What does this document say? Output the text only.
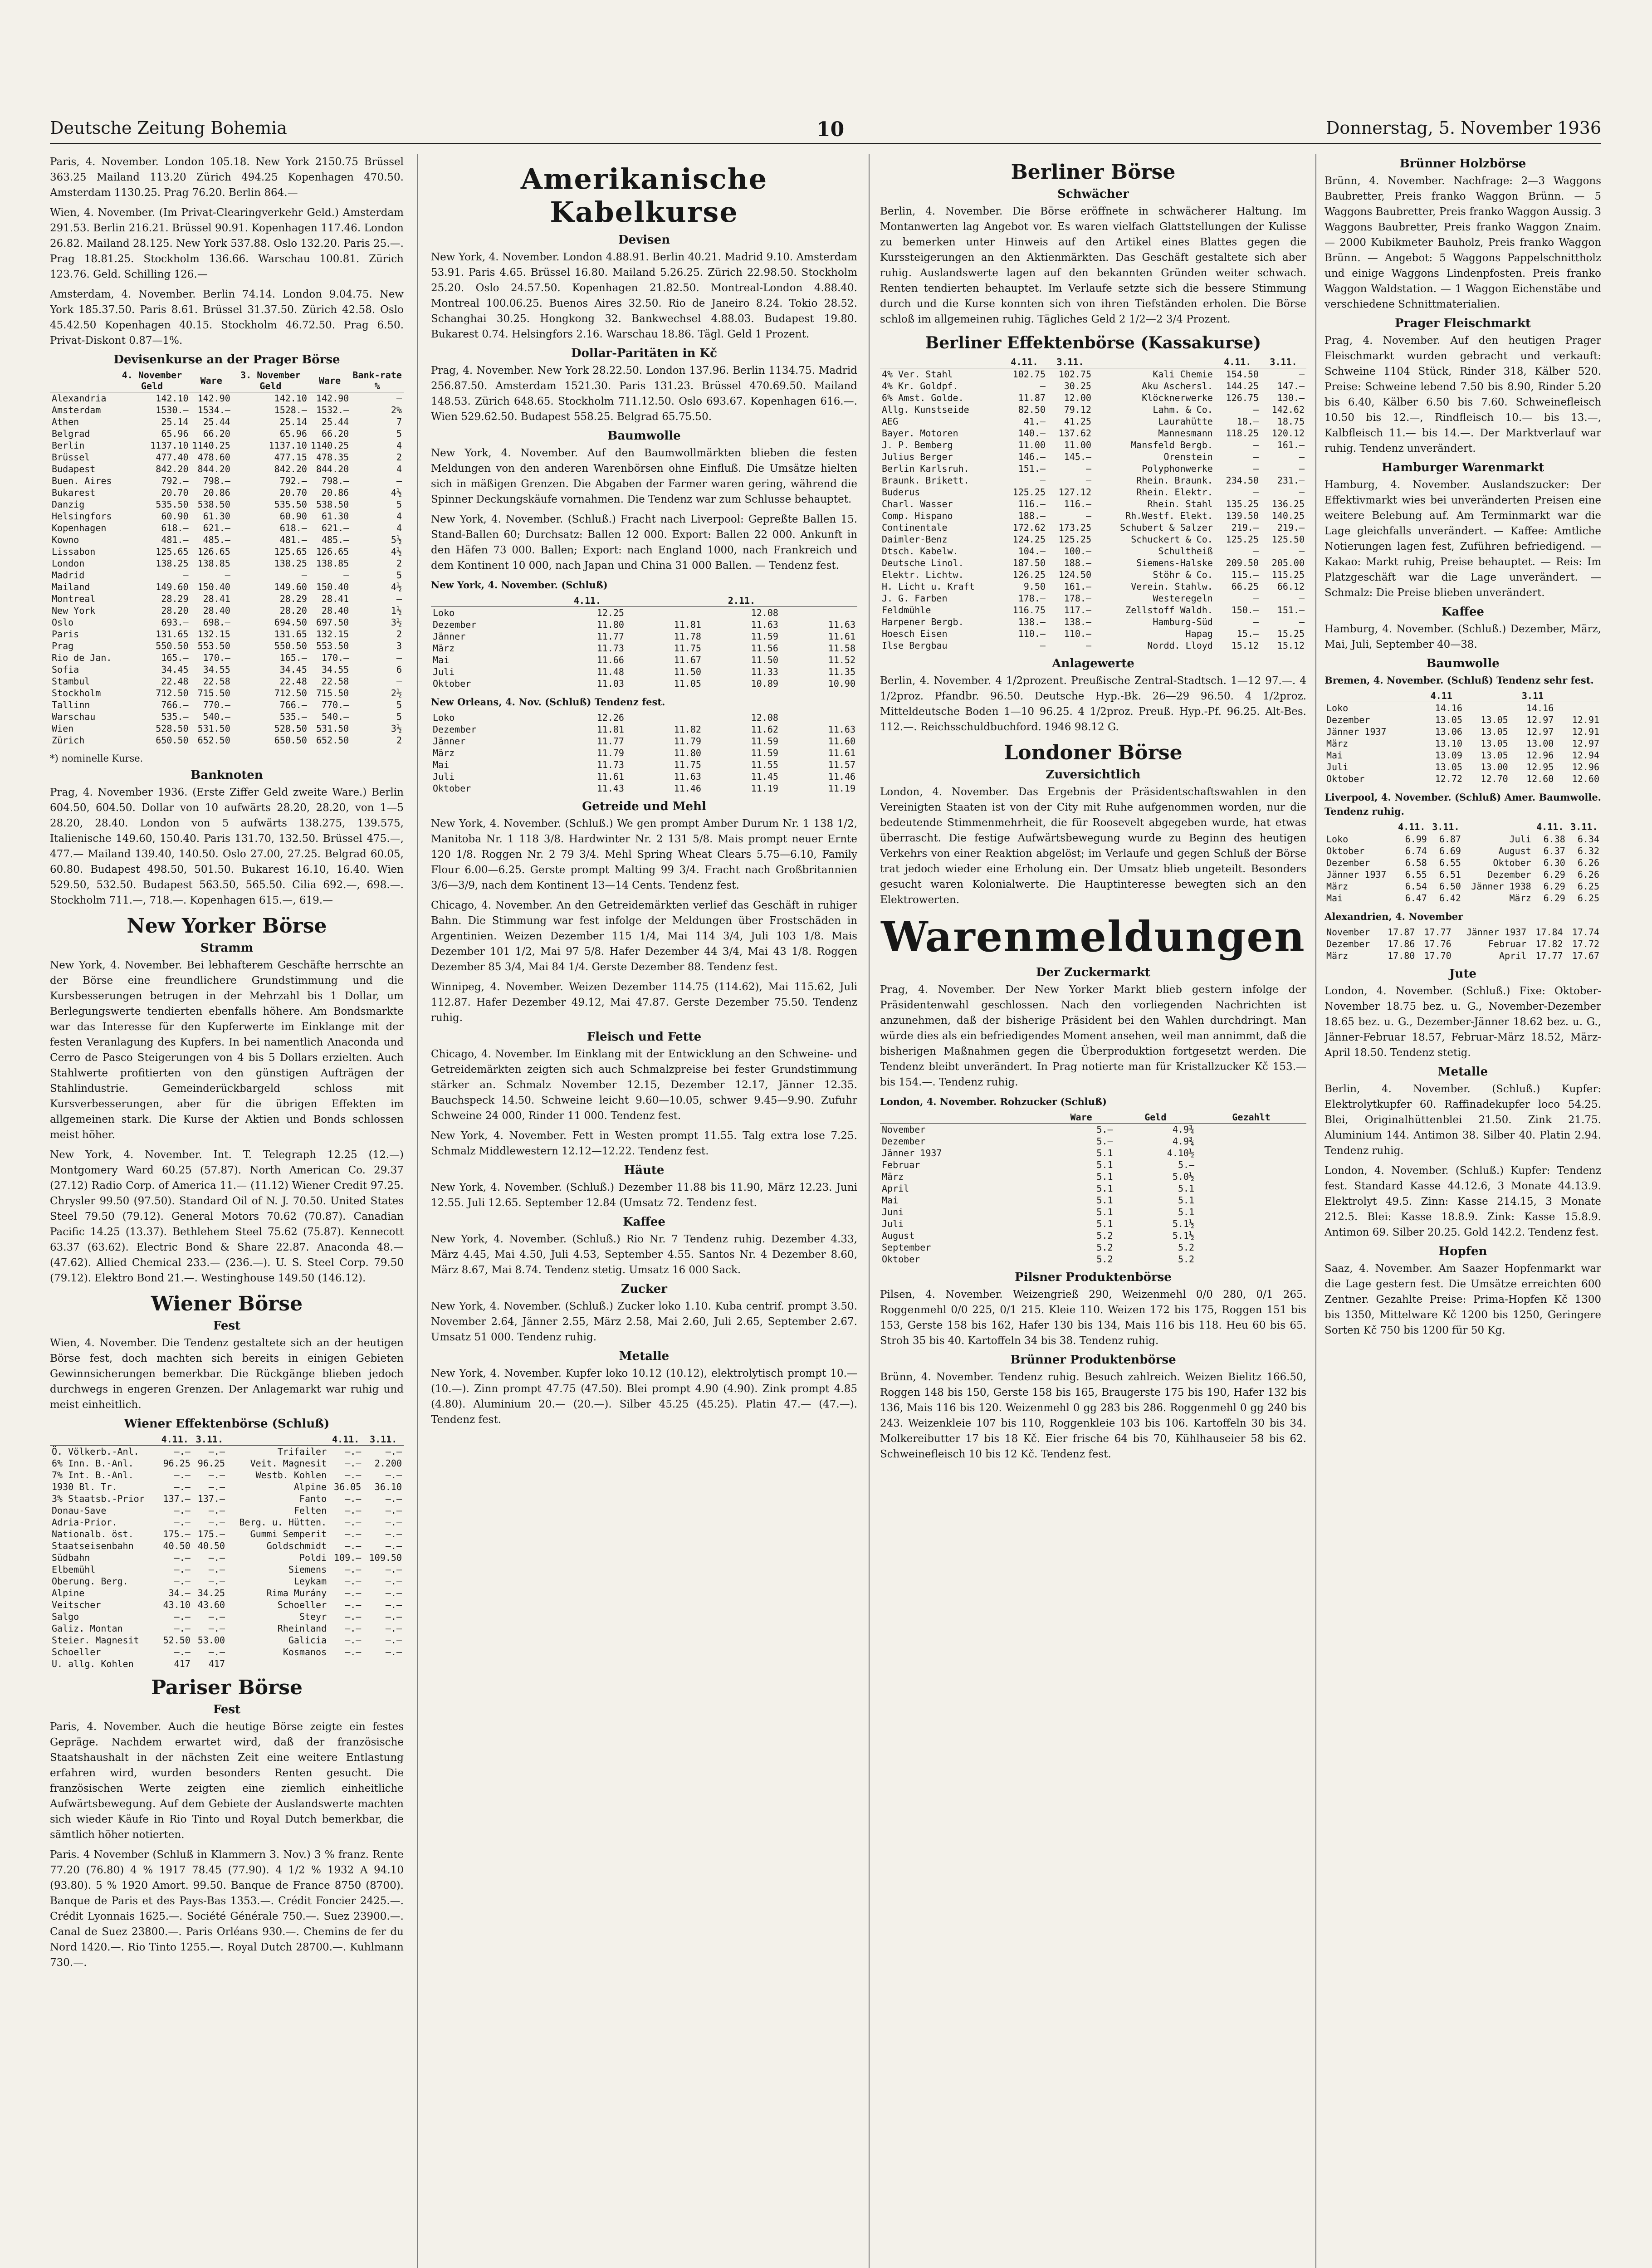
Deutsche Zeitung Bohemia	10	Donnerstag, 5. November 1936

Paris, 4. November. London 105.18. New York 2150.75 Brüssel 363.25 Mailand 113.20 Zürich 494.25 Kopenhagen 470.50. Amsterdam 1130.25. Prag 76.20. Berlin 864.—

Wien, 4. November. (Im Privat-Clearingverkehr Geld.) Amsterdam 291.53. Berlin 216.21. Brüssel 90.91. Kopenhagen 117.46. London 26.82. Mailand 28.125. New York 537.88. Oslo 132.20. Paris 25.—. Prag 18.81.25. Stockholm 136.66. Warschau 100.81. Zürich 123.76. Geld. Schilling 126.—

Amsterdam, 4. November. Berlin 74.14. London 9.04.75. New York 185.37.50. Paris 8.61. Brüssel 31.37.50. Zürich 42.58. Oslo 45.42.50 Kopenhagen 40.15. Stockholm 46.72.50. Prag 6.50. Privat-Diskont 0.87—1%.

Devisenkurse an der Prager Börse
	4. November Geld	Ware	3. November Geld	Ware	Bank-rate %
Alexandria	142.10	142.90	142.10	142.90	—
Amsterdam	1530.—	1534.—	1528.—	1532.—	2%
Athen	25.14	25.44	25.14	25.44	7
Belgrad	65.96	66.20	65.96	66.20	5
Berlin	1137.10	1140.25	1137.10	1140.25	4
Brüssel	477.40	478.60	477.15	478.35	2
Budapest	842.20	844.20	842.20	844.20	4
Buen. Aires	792.—	798.—	792.—	798.—	—
Bukarest	20.70	20.86	20.70	20.86	4½
Danzig	535.50	538.50	535.50	538.50	5
Helsingfors	60.90	61.30	60.90	61.30	4
Kopenhagen	618.—	621.—	618.—	621.—	4
Kowno	481.—	485.—	481.—	485.—	5½
Lissabon	125.65	126.65	125.65	126.65	4½
London	138.25	138.85	138.25	138.85	2
Madrid	—	—	—	—	5
Mailand	149.60	150.40	149.60	150.40	4½
Montreal	28.29	28.41	28.29	28.41	—
New York	28.20	28.40	28.20	28.40	1½
Oslo	693.—	698.—	694.50	697.50	3½
Paris	131.65	132.15	131.65	132.15	2
Prag	550.50	553.50	550.50	553.50	3
Rio de Jan.	165.—	170.—	165.—	170.—	—
Sofia	34.45	34.55	34.45	34.55	6
Stambul	22.48	22.58	22.48	22.58	—
Stockholm	712.50	715.50	712.50	715.50	2½
Tallinn	766.—	770.—	766.—	770.—	5
Warschau	535.—	540.—	535.—	540.—	5
Wien	528.50	531.50	528.50	531.50	3½
Zürich	650.50	652.50	650.50	652.50	2
*) nominelle Kurse.
Banknoten

Prag, 4. November 1936. (Erste Ziffer Geld zweite Ware.) Berlin 604.50, 604.50. Dollar von 10 aufwärts 28.20, 28.20, von 1—5 28.20, 28.40. London von 5 aufwärts 138.275, 139.575, Italienische 149.60, 150.40. Paris 131.70, 132.50. Brüssel 475.—, 477.— Mailand 139.40, 140.50. Oslo 27.00, 27.25. Belgrad 60.05, 60.80. Budapest 498.50, 501.50. Bukarest 16.10, 16.40. Wien 529.50, 532.50. Budapest 563.50, 565.50. Cilia 692.—, 698.—. Stockholm 711.—, 718.—. Kopenhagen 615.—, 619.—

New Yorker Börse
Stramm

New York, 4. November. Bei lebhafterem Geschäfte herrschte an der Börse eine freundlichere Grundstimmung und die Kursbesserungen betrugen in der Mehrzahl bis 1 Dollar, um Berlegungswerte tendierten ebenfalls höhere. Am Bondsmarkte war das Interesse für den Kupferwerte im Einklange mit der festen Veranlagung des Kupfers. In bei namentlich Anaconda und Cerro de Pasco Steigerungen von 4 bis 5 Dollars erzielten. Auch Stahlwerte profitierten von den günstigen Aufträgen der Stahlindustrie. Gemeinderückbargeld schloss mit Kursverbesserungen, aber für die übrigen Effekten im allgemeinen stark. Die Kurse der Aktien und Bonds schlossen meist höher.

New York, 4. November. Int. T. Telegraph 12.25 (12.—) Montgomery Ward 60.25 (57.87). North American Co. 29.37 (27.12) Radio Corp. of America 11.— (11.12) Wiener Credit 97.25. Chrysler 99.50 (97.50). Standard Oil of N. J. 70.50. United States Steel 79.50 (79.12). General Motors 70.62 (70.87). Canadian Pacific 14.25 (13.37). Bethlehem Steel 75.62 (75.87). Kennecott 63.37 (63.62). Electric Bond & Share 22.87. Anaconda 48.— (47.62). Allied Chemical 233.— (236.—). U. S. Steel Corp. 79.50 (79.12). Elektro Bond 21.—. Westinghouse 149.50 (146.12).

Wiener Börse
Fest

Wien, 4. November. Die Tendenz gestaltete sich an der heutigen Börse fest, doch machten sich bereits in einigen Gebieten Gewinnsicherungen bemerkbar. Die Rückgänge blieben jedoch durchwegs in engeren Grenzen. Der Anlagemarkt war ruhig und meist einheitlich.

Wiener Effektenbörse (Schluß)
	4.11.	3.11.		4.11.	3.11.
Ö. Völkerb.-Anl.	—.—	—.—	Trifailer	—.—	—.—
6% Inn. B.-Anl.	96.25	96.25	Veit. Magnesit	—.—	2.200
7% Int. B.-Anl.	—.—	—.—	Westb. Kohlen	—.—	—.—
1930 Bl. Tr.	—.—	—.—	Alpine	36.05	36.10
3% Staatsb.-Prior	137.—	137.—	Fanto	—.—	—.—
Donau-Save	—.—	—.—	Felten	—.—	—.—
Adria-Prior.	—.—	—.—	Berg. u. Hütten.	—.—	—.—
Nationalb. öst.	175.—	175.—	Gummi Semperit	—.—	—.—
Staatseisenbahn	40.50	40.50	Goldschmidt	—.—	—.—
Südbahn	—.—	—.—	Poldi	109.—	109.50
Elbemühl	—.—	—.—	Siemens	—.—	—.—
Oberung. Berg.	—.—	—.—	Leykam	—.—	—.—
Alpine	34.—	34.25	Rima Murány	—.—	—.—
Veitscher	43.10	43.60	Schoeller	—.—	—.—
Salgo	—.—	—.—	Steyr	—.—	—.—
Galiz. Montan	—.—	—.—	Rheinland	—.—	—.—
Steier. Magnesit	52.50	53.00	Galicia	—.—	—.—
Schoeller	—.—	—.—	Kosmanos	—.—	—.—
U. allg. Kohlen	417	417			
Pariser Börse
Fest

Paris, 4. November. Auch die heutige Börse zeigte ein festes Gepräge. Nachdem erwartet wird, daß der französische Staatshaushalt in der nächsten Zeit eine weitere Entlastung erfahren wird, wurden besonders Renten gesucht. Die französischen Werte zeigten eine ziemlich einheitliche Aufwärtsbewegung. Auf dem Gebiete der Auslandswerte machten sich wieder Käufe in Rio Tinto und Royal Dutch bemerkbar, die sämtlich höher notierten.

Paris. 4 November (Schluß in Klammern 3. Nov.) 3 % franz. Rente 77.20 (76.80) 4 % 1917 78.45 (77.90). 4 1/2 % 1932 A 94.10 (93.80). 5 % 1920 Amort. 99.50. Banque de France 8750 (8700). Banque de Paris et des Pays-Bas 1353.—. Crédit Foncier 2425.—. Crédit Lyonnais 1625.—. Société Générale 750.—. Suez 23900.—. Canal de Suez 23800.—. Paris Orléans 930.—. Chemins de fer du Nord 1420.—. Rio Tinto 1255.—. Royal Dutch 28700.—. Kuhlmann 730.—.

Amerikanische Kabelkurse
Devisen

New York, 4. November. London 4.88.91. Berlin 40.21. Madrid 9.10. Amsterdam 53.91. Paris 4.65. Brüssel 16.80. Mailand 5.26.25. Zürich 22.98.50. Stockholm 25.20. Oslo 24.57.50. Kopenhagen 21.82.50. Montreal-London 4.88.40. Montreal 100.06.25. Buenos Aires 32.50. Rio de Janeiro 8.24. Tokio 28.52. Schanghai 30.25. Hongkong 32. Bankwechsel 4.88.03. Budapest 19.80. Bukarest 0.74. Helsingfors 2.16. Warschau 18.86. Tägl. Geld 1 Prozent.

Dollar-Paritäten in Kč

Prag, 4. November. New York 28.22.50. London 137.96. Berlin 1134.75. Madrid 256.87.50. Amsterdam 1521.30. Paris 131.23. Brüssel 470.69.50. Mailand 148.53. Zürich 648.65. Stockholm 711.12.50. Oslo 693.67. Kopenhagen 616.—. Wien 529.62.50. Budapest 558.25. Belgrad 65.75.50.

Baumwolle

New York, 4. November. Auf den Baumwollmärkten blieben die festen Meldungen von den anderen Warenbörsen ohne Einfluß. Die Umsätze hielten sich in mäßigen Grenzen. Die Abgaben der Farmer waren gering, während die Spinner Deckungskäufe vornahmen. Die Tendenz war zum Schlusse behauptet.

New York, 4. November. (Schluß.) Fracht nach Liverpool: Gepreßte Ballen 15. Stand-Ballen 60; Durchsatz: Ballen 12 000. Export: Ballen 22 000. Ankunft in den Häfen 73 000. Ballen; Export: nach England 1000, nach Frankreich und dem Kontinent 10 000, nach Japan und China 31 000 Ballen. — Tendenz fest.

New York, 4. November. (Schluß)
	4.11.		2.11.	
Loko	12.25		12.08	
Dezember	11.80	11.81	11.63	11.63
Jänner	11.77	11.78	11.59	11.61
März	11.73	11.75	11.56	11.58
Mai	11.66	11.67	11.50	11.52
Juli	11.48	11.50	11.33	11.35
Oktober	11.03	11.05	10.89	10.90
New Orleans, 4. Nov. (Schluß) Tendenz fest.
Loko	12.26		12.08	
Dezember	11.81	11.82	11.62	11.63
Jänner	11.77	11.79	11.59	11.60
März	11.79	11.80	11.59	11.61
Mai	11.73	11.75	11.55	11.57
Juli	11.61	11.63	11.45	11.46
Oktober	11.43	11.46	11.19	11.19
Getreide und Mehl

New York, 4. November. (Schluß.) We gen prompt Amber Durum Nr. 1 138 1/2, Manitoba Nr. 1 118 3/8. Hardwinter Nr. 2 131 5/8. Mais prompt neuer Ernte 120 1/8. Roggen Nr. 2 79 3/4. Mehl Spring Wheat Clears 5.75—6.10, Family Flour 6.00—6.25. Gerste prompt Malting 99 3/4. Fracht nach Großbritannien 3/6—3/9, nach dem Kontinent 13—14 Cents. Tendenz fest.

Chicago, 4. November. An den Getreidemärkten verlief das Geschäft in ruhiger Bahn. Die Stimmung war fest infolge der Meldungen über Frostschäden in Argentinien. Weizen Dezember 115 1/4, Mai 114 3/4, Juli 103 1/8. Mais Dezember 101 1/2, Mai 97 5/8. Hafer Dezember 44 3/4, Mai 43 1/8. Roggen Dezember 85 3/4, Mai 84 1/4. Gerste Dezember 88. Tendenz fest.

Winnipeg, 4. November. Weizen Dezember 114.75 (114.62), Mai 115.62, Juli 112.87. Hafer Dezember 49.12, Mai 47.87. Gerste Dezember 75.50. Tendenz ruhig.

Fleisch und Fette

Chicago, 4. November. Im Einklang mit der Entwicklung an den Schweine- und Getreidemärkten zeigten sich auch Schmalzpreise bei fester Grundstimmung stärker an. Schmalz November 12.15, Dezember 12.17, Jänner 12.35. Bauchspeck 14.50. Schweine leicht 9.60—10.05, schwer 9.45—9.90. Zufuhr Schweine 24 000, Rinder 11 000. Tendenz fest.

New York, 4. November. Fett in Westen prompt 11.55. Talg extra lose 7.25. Schmalz Middlewestern 12.12—12.22. Tendenz fest.

Häute

New York, 4. November. (Schluß.) Dezember 11.88 bis 11.90, März 12.23. Juni 12.55. Juli 12.65. September 12.84 (Umsatz 72. Tendenz fest.

Kaffee

New York, 4. November. (Schluß.) Rio Nr. 7 Tendenz ruhig. Dezember 4.33, März 4.45, Mai 4.50, Juli 4.53, September 4.55. Santos Nr. 4 Dezember 8.60, März 8.67, Mai 8.74. Tendenz stetig. Umsatz 16 000 Sack.

Zucker

New York, 4. November. (Schluß.) Zucker loko 1.10. Kuba centrif. prompt 3.50. November 2.64, Jänner 2.55, März 2.58, Mai 2.60, Juli 2.65, September 2.67. Umsatz 51 000. Tendenz ruhig.

Metalle

New York, 4. November. Kupfer loko 10.12 (10.12), elektrolytisch prompt 10.— (10.—). Zinn prompt 47.75 (47.50). Blei prompt 4.90 (4.90). Zink prompt 4.85 (4.80). Aluminium 20.— (20.—). Silber 45.25 (45.25). Platin 47.— (47.—). Tendenz fest.

Berliner Börse
Schwächer

Berlin, 4. November. Die Börse eröffnete in schwächerer Haltung. Im Montanwerten lag Angebot vor. Es waren vielfach Glattstellungen der Kulisse zu bemerken unter Hinweis auf den Artikel eines Blattes gegen die Kurssteigerungen an den Aktienmärkten. Das Geschäft gestaltete sich aber ruhig. Auslandswerte lagen auf den bekannten Gründen weiter schwach. Renten tendierten behauptet. Im Verlaufe setzte sich die bessere Stimmung durch und die Kurse konnten sich von ihren Tiefständen erholen. Die Börse schloß im allgemeinen ruhig. Tägliches Geld 2 1/2—2 3/4 Prozent.

Berliner Effektenbörse (Kassakurse)
	4.11.	3.11.		4.11.	3.11.
4% Ver. Stahl	102.75	102.75	Kali Chemie	154.50	—
4% Kr. Goldpf.	—	30.25	Aku Aschersl.	144.25	147.—
6% Amst. Golde.	11.87	12.00	Klöcknerwerke	126.75	130.—
Allg. Kunstseide	82.50	79.12	Lahm. & Co.	—	142.62
AEG	41.—	41.25	Laurahütte	18.—	18.75
Bayer. Motoren	140.—	137.62	Mannesmann	118.25	120.12
J. P. Bemberg	11.00	11.00	Mansfeld Bergb.	—	161.—
Julius Berger	146.—	145.—	Orenstein	—	—
Berlin Karlsruh.	151.—	—	Polyphonwerke	—	—
Braunk. Brikett.	—	—	Rhein. Braunk.	234.50	231.—
Buderus	125.25	127.12	Rhein. Elektr.	—	—
Charl. Wasser	116.—	116.—	Rhein. Stahl	135.25	136.25
Comp. Hispano	188.—	—	Rh.Westf. Elekt.	139.50	140.25
Continentale	172.62	173.25	Schubert & Salzer	219.—	219.—
Daimler-Benz	124.25	125.25	Schuckert & Co.	125.25	125.50
Dtsch. Kabelw.	104.—	100.—	Schultheiß	—	—
Deutsche Linol.	187.50	188.—	Siemens-Halske	209.50	205.00
Elektr. Lichtw.	126.25	124.50	Stöhr & Co.	115.—	115.25
H. Licht u. Kraft	9.50	161.—	Verein. Stahlw.	66.25	66.12
J. G. Farben	178.—	178.—	Westeregeln	—	—
Feldmühle	116.75	117.—	Zellstoff Waldh.	150.—	151.—
Harpener Bergb.	138.—	138.—	Hamburg-Süd	—	—
Hoesch Eisen	110.—	110.—	Hapag	15.—	15.25
Ilse Bergbau	—	—	Nordd. Lloyd	15.12	15.12
Anlagewerte

Berlin, 4. November. 4 1/2prozent. Preußische Zentral-Stadtsch. 1—12 97.—. 4 1/2proz. Pfandbr. 96.50. Deutsche Hyp.-Bk. 26—29 96.50. 4 1/2proz. Mitteldeutsche Boden 1—10 96.25. 4 1/2proz. Preuß. Hyp.-Pf. 96.25. Alt-Bes. 112.—. Reichsschuldbuchford. 1946 98.12 G.

Londoner Börse
Zuversichtlich

London, 4. November. Das Ergebnis der Präsidentschaftswahlen in den Vereinigten Staaten ist von der City mit Ruhe aufgenommen worden, nur die bedeutende Stimmenmehrheit, die für Roosevelt abgegeben wurde, hat etwas überrascht. Die festige Aufwärtsbewegung wurde zu Beginn des heutigen Verkehrs von einer Reaktion abgelöst; im Verlaufe und gegen Schluß der Börse trat jedoch wieder eine Erholung ein. Der Umsatz blieb ungeteilt. Besonders gesucht waren Kolonialwerte. Die Hauptinteresse bewegten sich an den Elektrowerten.

Warenmeldungen
Der Zuckermarkt

Prag, 4. November. Der New Yorker Markt blieb gestern infolge der Präsidentenwahl geschlossen. Nach den vorliegenden Nachrichten ist anzunehmen, daß der bisherige Präsident bei den Wahlen durchdringt. Man würde dies als ein befriedigendes Moment ansehen, weil man annimmt, daß die bisherigen Maßnahmen gegen die Überproduktion fortgesetzt werden. Die Tendenz bleibt unverändert. In Prag notierte man für Kristallzucker Kč 153.— bis 154.—. Tendenz ruhig.

London, 4. November. Rohzucker (Schluß)
	Ware	Geld	Gezahlt
November	5.—	4.9¾	
Dezember	5.—	4.9¾	
Jänner 1937	5.1	4.10½	
Februar	5.1	5.—	
März	5.1	5.0½	
April	5.1	5.1	
Mai	5.1	5.1	
Juni	5.1	5.1	
Juli	5.1	5.1½	
August	5.2	5.1½	
September	5.2	5.2	
Oktober	5.2	5.2	
Pilsner Produktenbörse

Pilsen, 4. November. Weizengrieß 290, Weizenmehl 0/0 280, 0/1 265. Roggenmehl 0/0 225, 0/1 215. Kleie 110. Weizen 172 bis 175, Roggen 151 bis 153, Gerste 158 bis 162, Hafer 130 bis 134, Mais 116 bis 118. Heu 60 bis 65. Stroh 35 bis 40. Kartoffeln 34 bis 38. Tendenz ruhig.

Brünner Produktenbörse

Brünn, 4. November. Tendenz ruhig. Besuch zahlreich. Weizen Bielitz 166.50, Roggen 148 bis 150, Gerste 158 bis 165, Braugerste 175 bis 190, Hafer 132 bis 136, Mais 116 bis 120. Weizenmehl 0 gg 283 bis 286. Roggenmehl 0 gg 240 bis 243. Weizenkleie 107 bis 110, Roggenkleie 103 bis 106. Kartoffeln 30 bis 34. Molkereibutter 17 bis 18 Kč. Eier frische 64 bis 70, Kühlhauseier 58 bis 62. Schweinefleisch 10 bis 12 Kč. Tendenz fest.

Brünner Holzbörse

Brünn, 4. November. Nachfrage: 2—3 Waggons Baubretter, Preis franko Waggon Brünn. — 5 Waggons Baubretter, Preis franko Waggon Aussig. 3 Waggons Baubretter, Preis franko Waggon Znaim. — 2000 Kubikmeter Bauholz, Preis franko Waggon Brünn. — Angebot: 5 Waggons Pappelschnittholz und einige Waggons Lindenpfosten. Preis franko Waggon Waldstation. — 1 Waggon Eichenstäbe und verschiedene Schnittmaterialien.

Prager Fleischmarkt

Prag, 4. November. Auf den heutigen Prager Fleischmarkt wurden gebracht und verkauft: Schweine 1104 Stück, Rinder 318, Kälber 520. Preise: Schweine lebend 7.50 bis 8.90, Rinder 5.20 bis 6.40, Kälber 6.50 bis 7.60. Schweinefleisch 10.50 bis 12.—, Rindfleisch 10.— bis 13.—, Kalbfleisch 11.— bis 14.—. Der Marktverlauf war ruhig. Tendenz unverändert.

Hamburger Warenmarkt

Hamburg, 4. November. Auslandszucker: Der Effektivmarkt wies bei unveränderten Preisen eine weitere Belebung auf. Am Terminmarkt war die Lage gleichfalls unverändert. — Kaffee: Amtliche Notierungen lagen fest, Zuführen befriedigend. — Kakao: Markt ruhig, Preise behauptet. — Reis: Im Platzgeschäft war die Lage unverändert. — Schmalz: Die Preise blieben unverändert.

Kaffee

Hamburg, 4. November. (Schluß.) Dezember, März, Mai, Juli, September 40—38.

Baumwolle
Bremen, 4. November. (Schluß) Tendenz sehr fest.
	4.11		3.11	
Loko	14.16		14.16	
Dezember	13.05	13.05	12.97	12.91
Jänner 1937	13.06	13.05	12.97	12.91
März	13.10	13.05	13.00	12.97
Mai	13.09	13.05	12.96	12.94
Juli	13.05	13.00	12.95	12.96
Oktober	12.72	12.70	12.60	12.60
Liverpool, 4. November. (Schluß) Amer. Baumwolle. Tendenz ruhig.
	4.11.	3.11.		4.11.	3.11.
Loko	6.99	6.87	Juli	6.38	6.34
Oktober	6.74	6.69	August	6.37	6.32
Dezember	6.58	6.55	Oktober	6.30	6.26
Jänner 1937	6.55	6.51	Dezember	6.29	6.26
März	6.54	6.50	Jänner 1938	6.29	6.25
Mai	6.47	6.42	März	6.29	6.25
Alexandrien, 4. November
November	17.87	17.77	Jänner 1937	17.84	17.74
Dezember	17.86	17.76	Februar	17.82	17.72
März	17.80	17.70	April	17.77	17.67
Jute

London, 4. November. (Schluß.) Fixe: Oktober-November 18.75 bez. u. G., November-Dezember 18.65 bez. u. G., Dezember-Jänner 18.62 bez. u. G., Jänner-Februar 18.57, Februar-März 18.52, März-April 18.50. Tendenz stetig.

Metalle

Berlin, 4. November. (Schluß.) Kupfer: Elektrolytkupfer 60. Raffinadekupfer loco 54.25. Blei, Originalhüttenblei 21.50. Zink 21.75. Aluminium 144. Antimon 38. Silber 40. Platin 2.94. Tendenz ruhig.

London, 4. November. (Schluß.) Kupfer: Tendenz fest. Standard Kasse 44.12.6, 3 Monate 44.13.9. Elektrolyt 49.5. Zinn: Kasse 214.15, 3 Monate 212.5. Blei: Kasse 18.8.9. Zink: Kasse 15.8.9. Antimon 69. Silber 20.25. Gold 142.2. Tendenz fest.

Hopfen

Saaz, 4. November. Am Saazer Hopfenmarkt war die Lage gestern fest. Die Umsätze erreichten 600 Zentner. Gezahlte Preise: Prima-Hopfen Kč 1300 bis 1350, Mittelware Kč 1200 bis 1250, Geringere Sorten Kč 750 bis 1200 für 50 Kg.
